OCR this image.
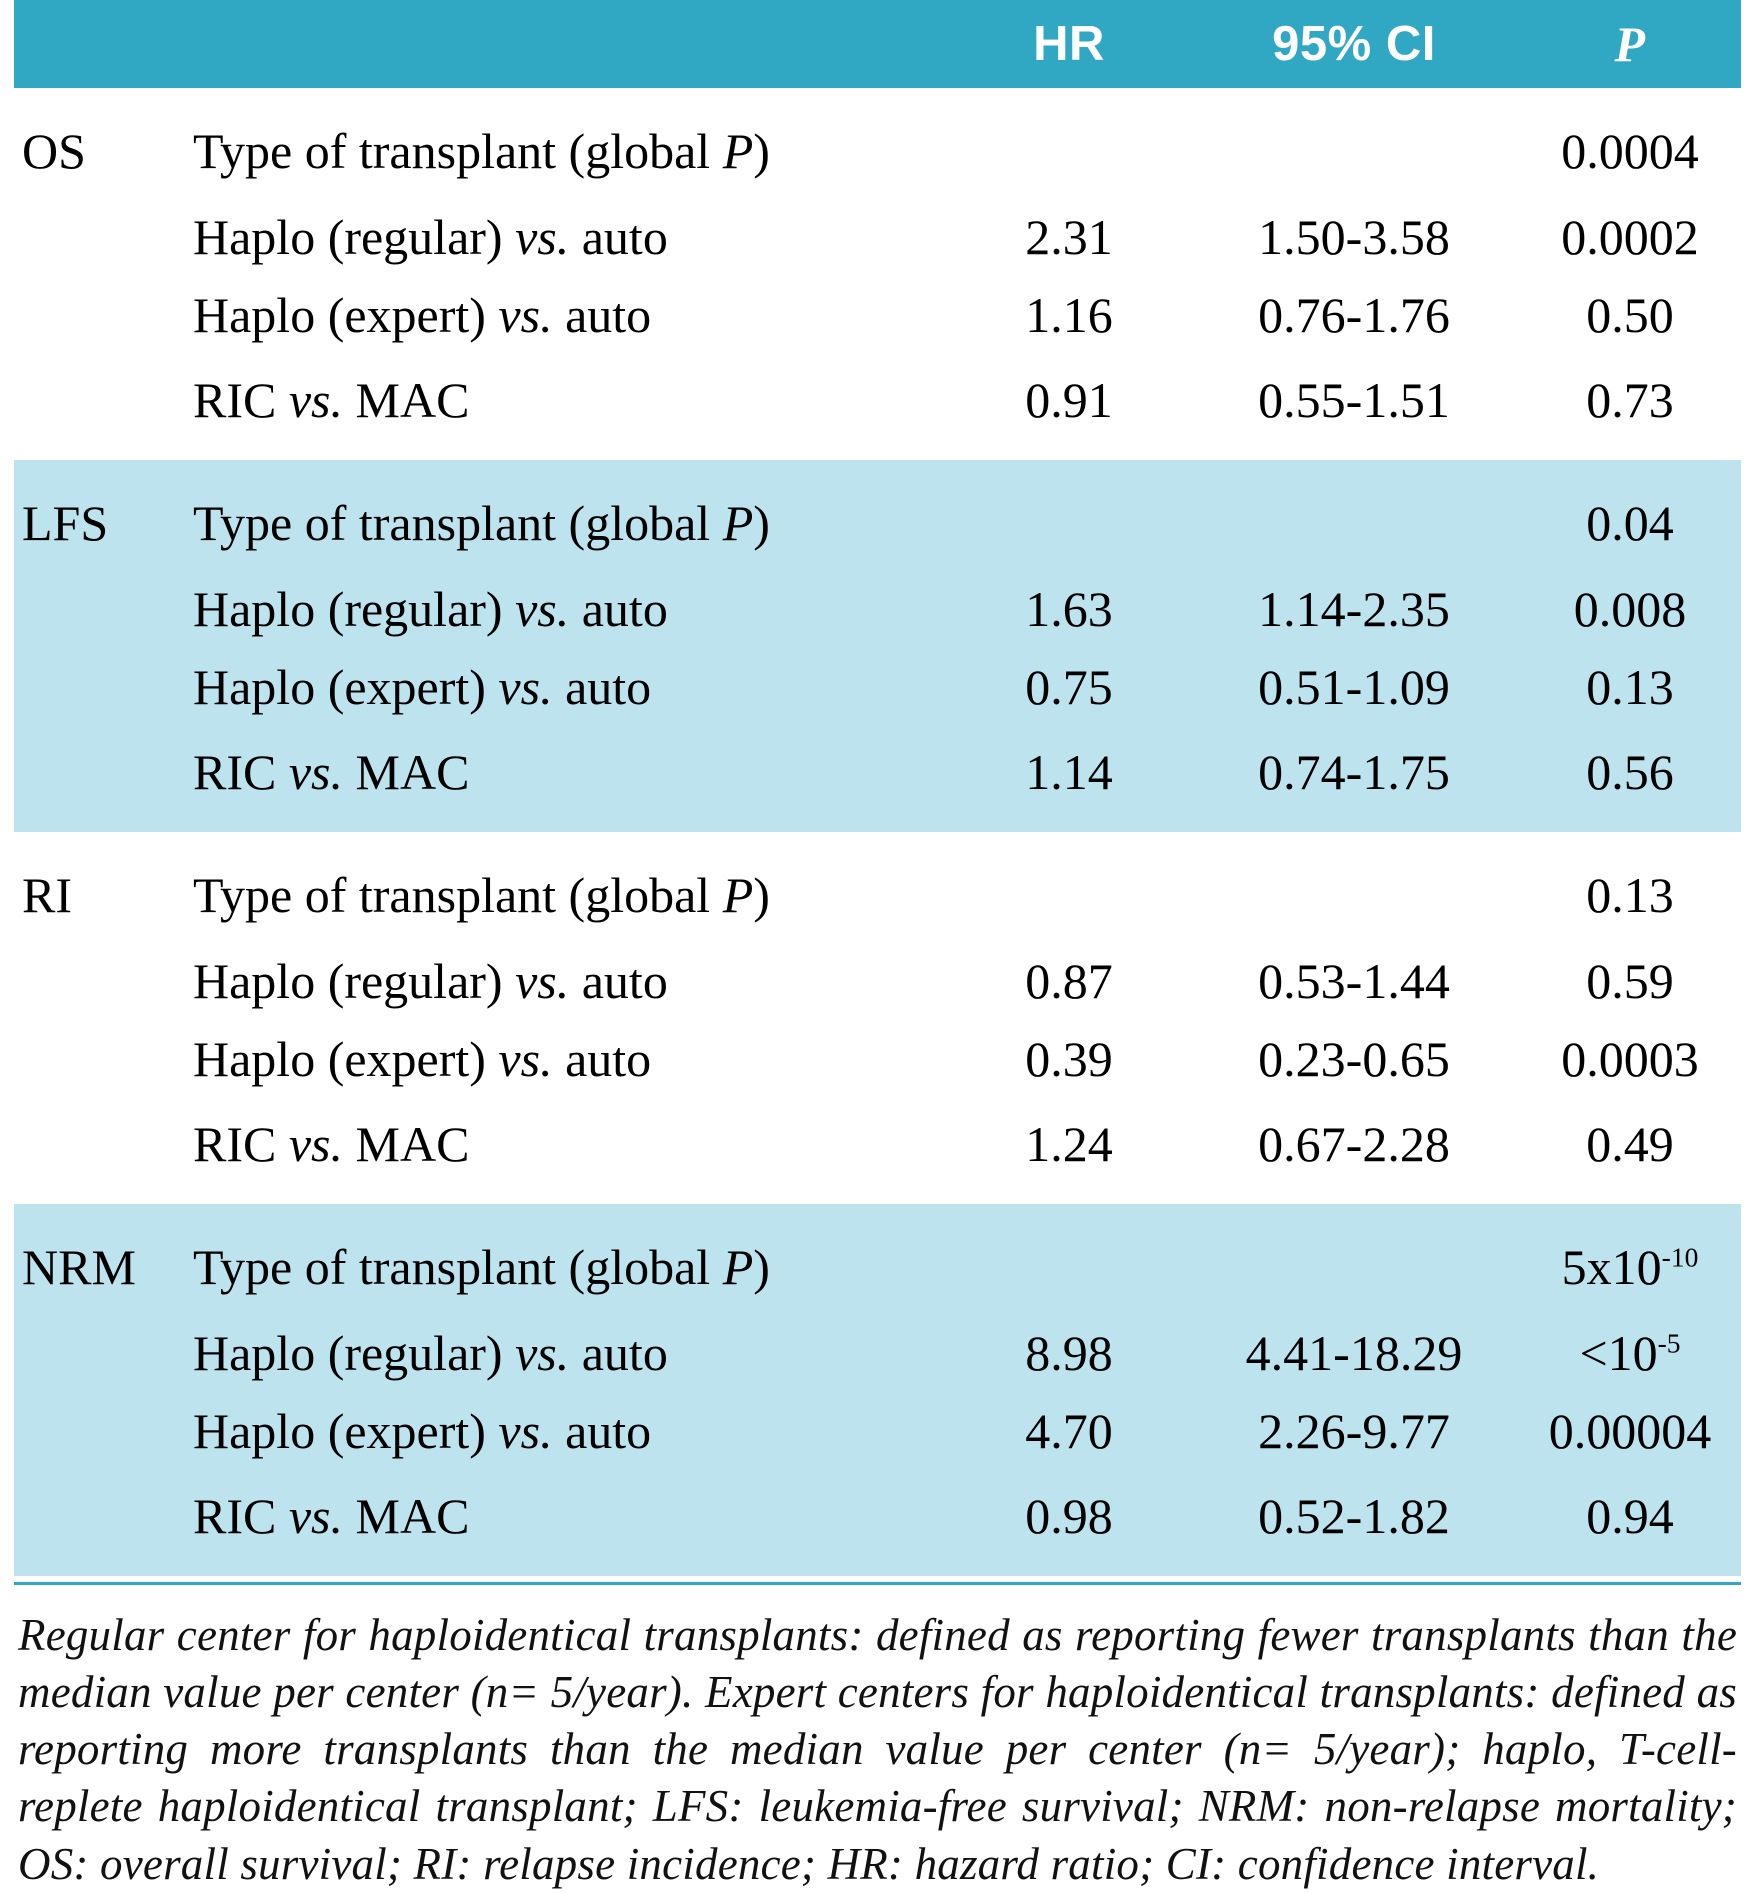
		HR	95% CI	P
OS	Type of transplant (global P)			0.0004
	Haplo (regular) vs. auto	2.31	1.50-3.58	0.0002
	Haplo (expert) vs. auto	1.16	0.76-1.76	0.50
	RIC vs. MAC	0.91	0.55-1.51	0.73
LFS	Type of transplant (global P)			0.04
	Haplo (regular) vs. auto	1.63	1.14-2.35	0.008
	Haplo (expert) vs. auto	0.75	0.51-1.09	0.13
	RIC vs. MAC	1.14	0.74-1.75	0.56
RI	Type of transplant (global P)			0.13
	Haplo (regular) vs. auto	0.87	0.53-1.44	0.59
	Haplo (expert) vs. auto	0.39	0.23-0.65	0.0003
	RIC vs. MAC	1.24	0.67-2.28	0.49
NRM	Type of transplant (global P)			$5x10^{-10}$
	Haplo (regular) vs. auto	8.98	4.41-18.29	$<10^{-5}$
	Haplo (expert) vs. auto	4.70	2.26-9.77	0.00004
	RIC vs. MAC	0.98	0.52-1.82	0.94
Regular center for haploidentical transplants: defined as reporting fewer transplants than the median value per center (n= 5/year). Expert centers for haploidentical transplants: defined as reporting more transplants than the median value per center (n= 5/year); haplo, T-cell-replete haploidentical transplant; LFS: leukemia-free survival; NRM: non-relapse mortality; OS: overall survival; RI: relapse incidence; HR: hazard ratio; CI: confidence interval.
